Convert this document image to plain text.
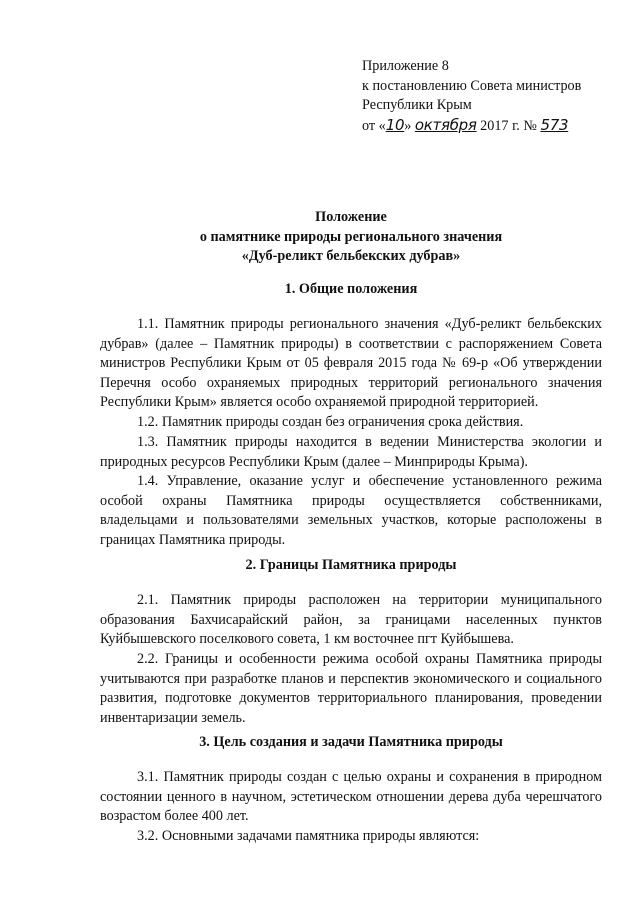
Приложение 8
к постановлению Совета министров
Республики Крым
от «10» октября 2017 г. № 573
Положение
о памятнике природы регионального значения
«Дуб-реликт бельбекских дубрав»

1. Общие положения

1.1. Памятник природы регионального значения «Дуб-реликт бельбекских дубрав» (далее – Памятник природы) в соответствии с распоряжением Совета министров Республики Крым от 05 февраля 2015 года № 69-р «Об утверждении Перечня особо охраняемых природных территорий регионального значения Республики Крым» является особо охраняемой природной территорией.

1.2. Памятник природы создан без ограничения срока действия.

1.3. Памятник природы находится в ведении Министерства экологии и природных ресурсов Республики Крым (далее – Минприроды Крыма).

1.4. Управление, оказание услуг и обеспечение установленного режима особой охраны Памятника природы осуществляется собственниками, владельцами и пользователями земельных участков, которые расположены в границах Памятника природы.

2. Границы Памятника природы

2.1. Памятник природы расположен на территории муниципального образования Бахчисарайский район, за границами населенных пунктов Куйбышевского поселкового совета, 1 км восточнее пгт Куйбышева.

2.2. Границы и особенности режима особой охраны Памятника природы учитываются при разработке планов и перспектив экономического и социального развития, подготовке документов территориального планирования, проведении инвентаризации земель.

3. Цель создания и задачи Памятника природы

3.1. Памятник природы создан с целью охраны и сохранения в природном состоянии ценного в научном, эстетическом отношении дерева дуба черешчатого возрастом более 400 лет.

3.2. Основными задачами памятника природы являются:
